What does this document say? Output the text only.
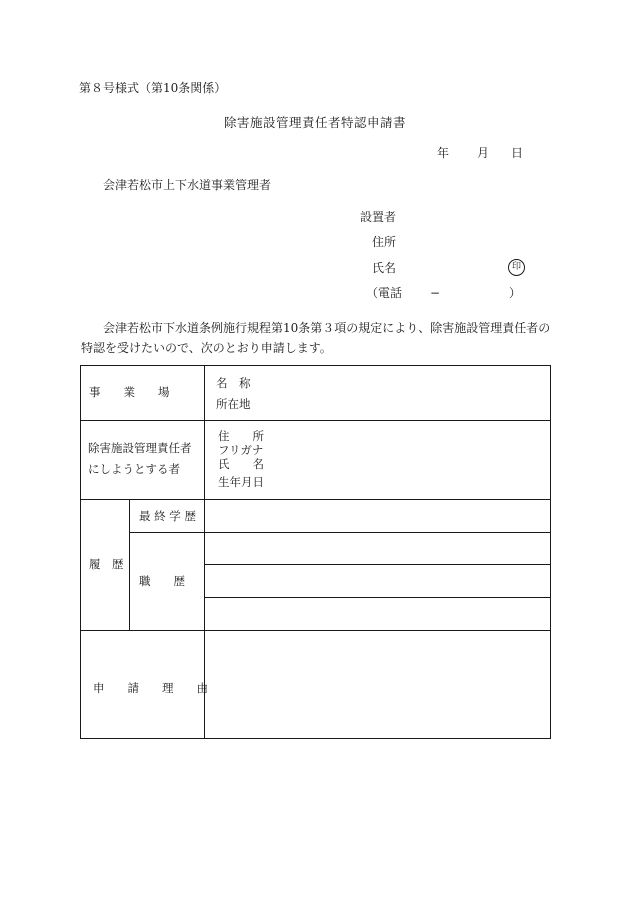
第８号様式（第10条関係）
除害施設管理責任者特認申請書
年 月 日
会津若松市上下水道事業管理者
設置者
住所
氏名	印
（電話 −	）
会津若松市下水道条例施行規程第10条第３項の規定により、除害施設管理責任者の特認を受けたいので、次のとおり申請します。
事　　業　　場
名　称
所在地
除害施設管理責任者
にしようとする者
住　　所
フリガナ
氏　　名
生年月日
履　歴
最 終 学 歴
職　　歴
申　　請　　理　　由
